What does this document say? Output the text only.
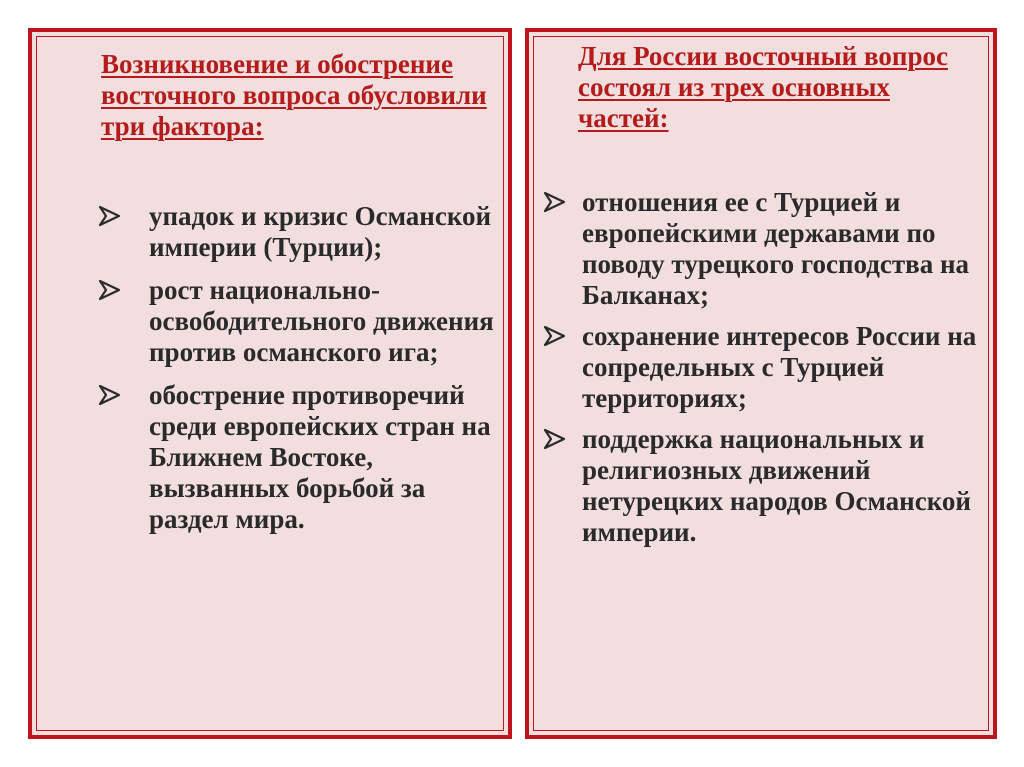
Возникновение и обострение восточного вопроса обусловили три фактора:
упадок и кризис Османской империи (Турции);
рост национально-освободительного движения против османского ига;
обострение противоречий среди европейских стран на Ближнем Востоке, вызванных борьбой за раздел мира.
Для России восточный вопрос состоял из трех основных частей:
отношения ее с Турцией и европейскими державами по поводу турецкого господства на Балканах;
сохранение интересов России на сопредельных с Турцией территориях;
поддержка национальных и религиозных движений нетурецких народов Османской империи.
